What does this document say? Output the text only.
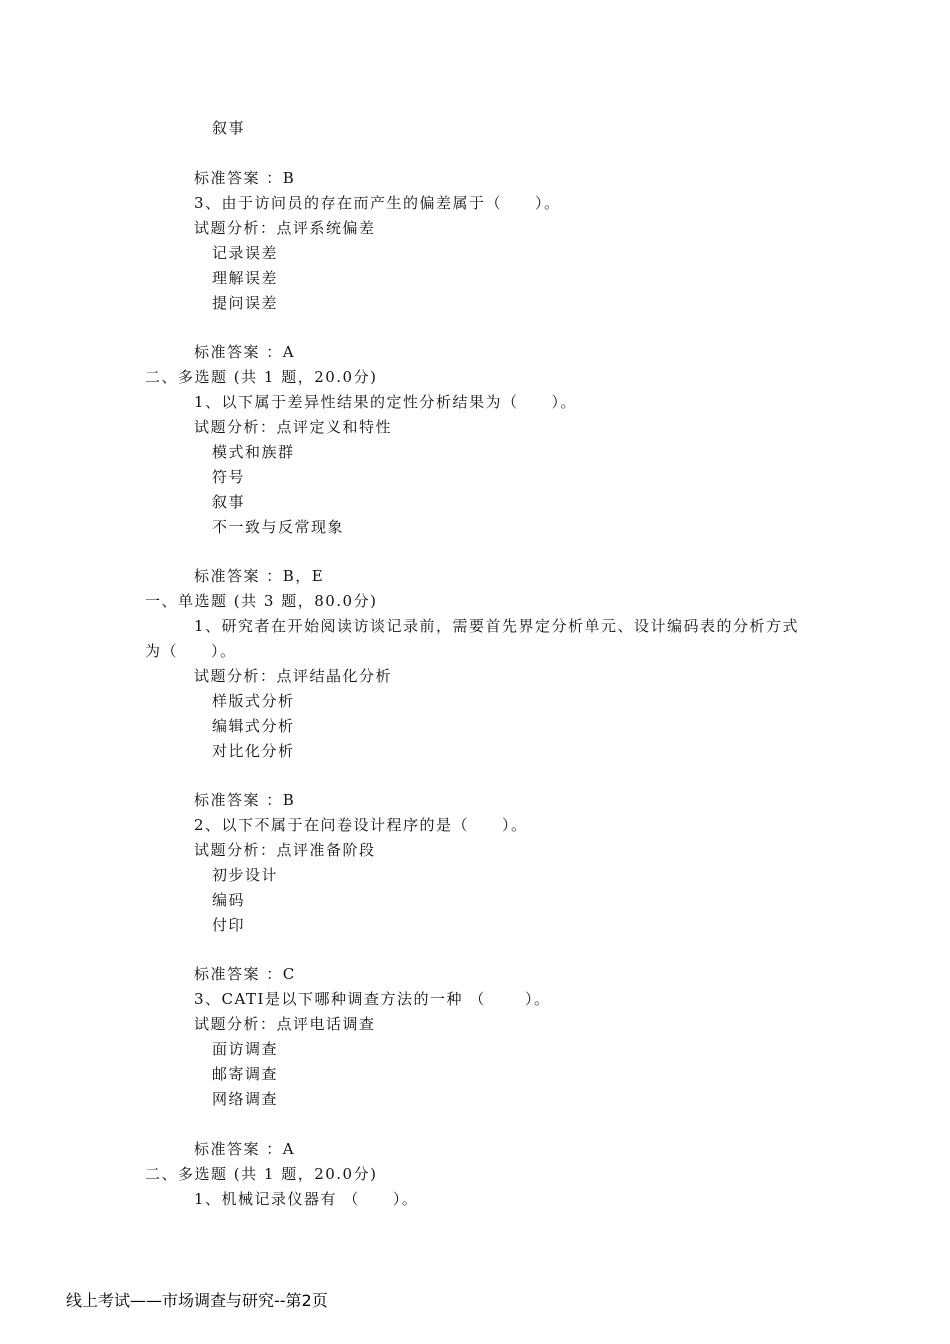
叙事
标准答案 ：B
3、由于访问员的存在而产生的偏差属于（　　）。
试题分析：点评系统偏差
记录误差
理解误差
提问误差
标准答案 ：A
二、多选题 (共 1 题，20.0分)
1、以下属于差异性结果的定性分析结果为（　　）。
试题分析：点评定义和特性
模式和族群
符号
叙事
不一致与反常现象
标准答案 ：B，E
一、单选题 (共 3 题，80.0分)
1、研究者在开始阅读访谈记录前，需要首先界定分析单元、设计编码表的分析方式
为（　　）。
试题分析：点评结晶化分析
样版式分析
编辑式分析
对比化分析
标准答案 ：B
2、以下不属于在问卷设计程序的是（　　）。
试题分析：点评准备阶段
初步设计
编码
付印
标准答案 ：C
3、CATI是以下哪种调查方法的一种 （　　 ）。
试题分析：点评电话调查
面访调查
邮寄调查
网络调查
标准答案 ：A
二、多选题 (共 1 题，20.0分)
1、机械记录仪器有 （　　）。
线上考试——市场调查与研究--第2页
